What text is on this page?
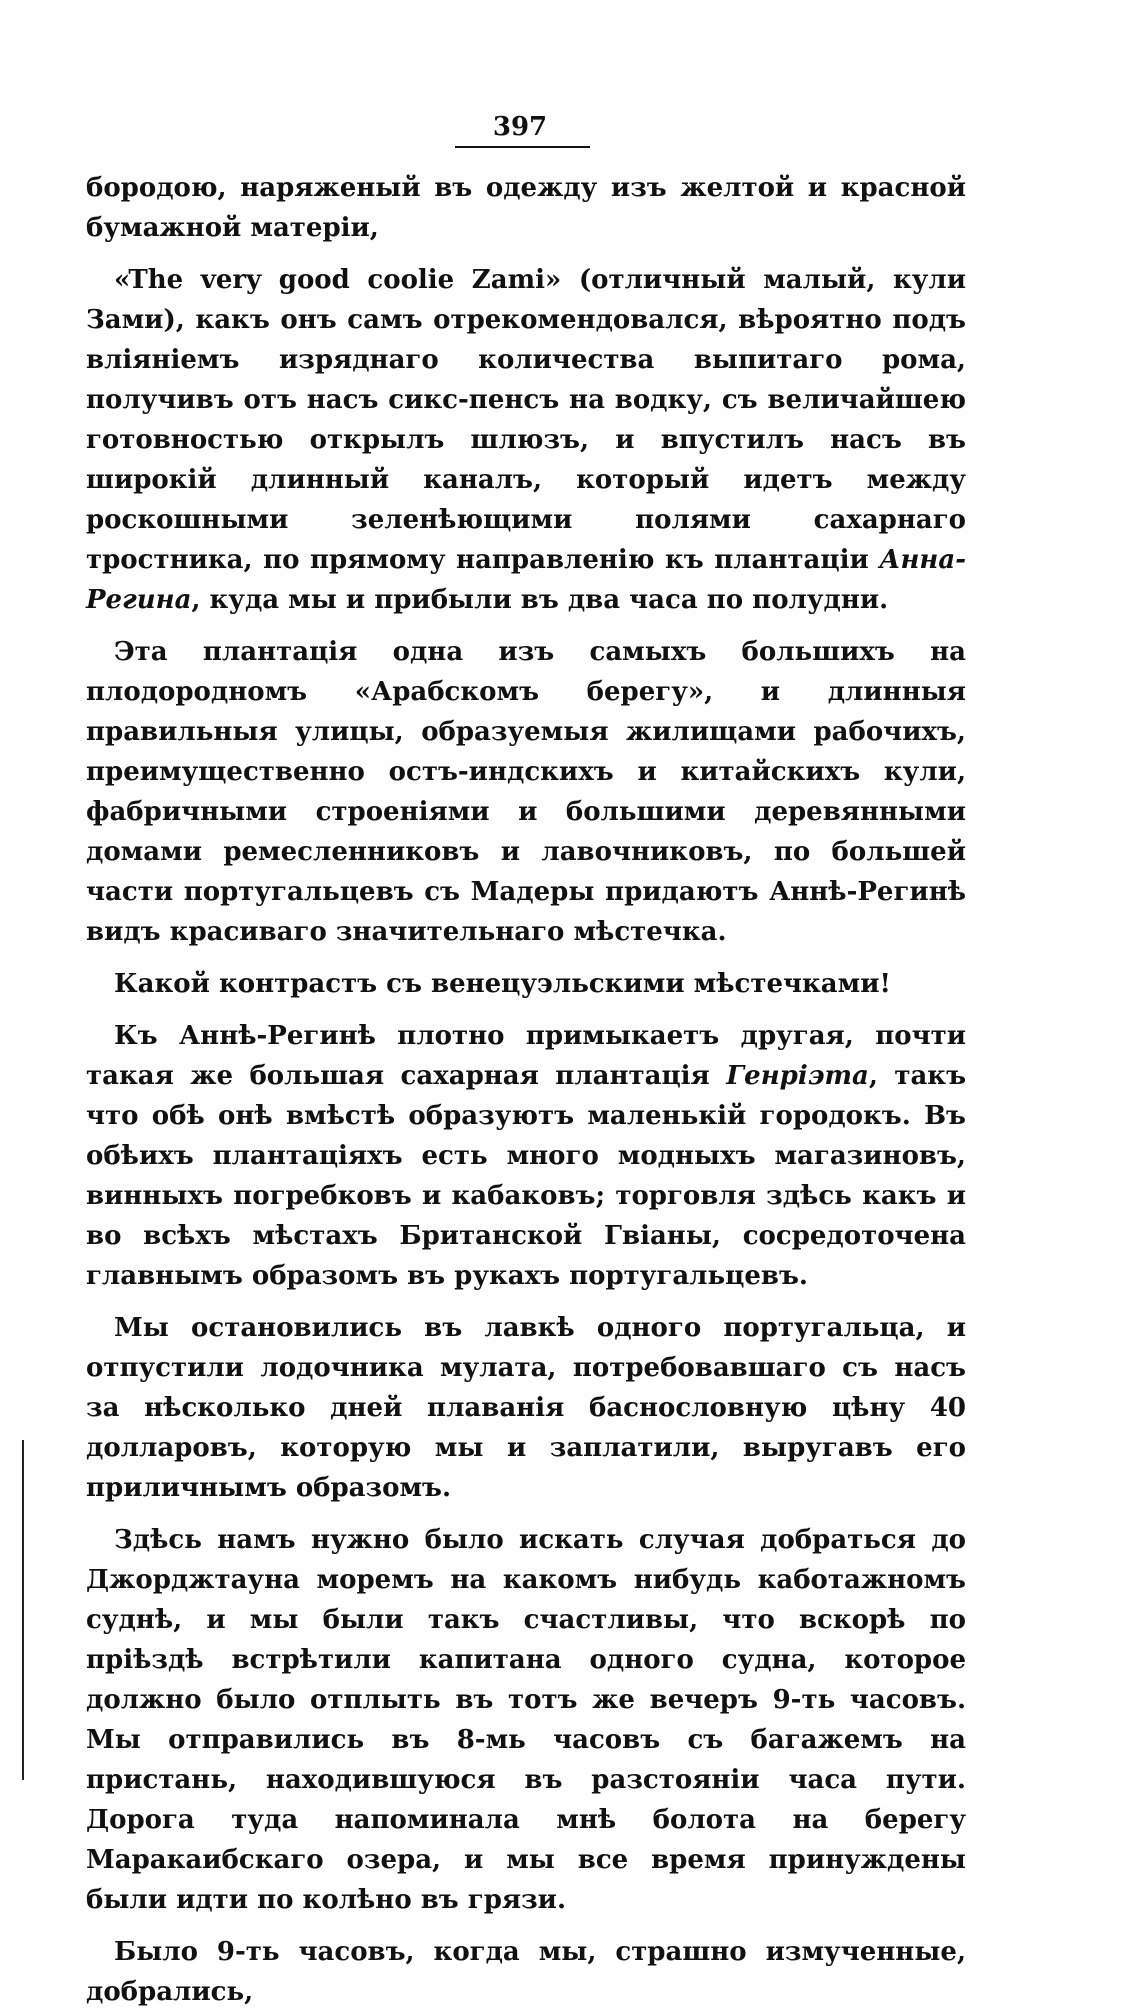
397

бородою, наряженый въ одежду изъ желтой и красной бумажной матеріи,

«The very good coolie Zami» (отличный малый, кули Зами), какъ онъ самъ отрекомендовался, вѣроятно подъ вліяніемъ изряднаго количества выпитаго рома, получивъ отъ насъ сикс-пенсъ на водку, съ величайшею готовностью открылъ шлюзъ, и впустилъ насъ въ широкій длинный каналъ, который идетъ между роскошными зеленѣющими полями сахарнаго тростника, по прямому направленію къ плантаціи Анна-Регина, куда мы и прибыли въ два часа по полудни.

Эта плантація одна изъ самыхъ большихъ на плодородномъ «Арабскомъ берегу», и длинныя правильныя улицы, образуемыя жилищами рабочихъ, преимущественно остъ-индскихъ и китайскихъ кули, фабричными строеніями и большими деревянными домами ремесленниковъ и лавочниковъ, по большей части португальцевъ съ Мадеры придаютъ Аннѣ-Регинѣ видъ красиваго значительнаго мѣстечка.

Какой контрастъ съ венецуэльскими мѣстечками!

Къ Аннѣ-Регинѣ плотно примыкаетъ другая, почти такая же большая сахарная плантація Генріэта, такъ что обѣ онѣ вмѣстѣ образуютъ маленькій городокъ. Въ обѣихъ плантаціяхъ есть много модныхъ магазиновъ, винныхъ погребковъ и кабаковъ; торговля здѣсь какъ и во всѣхъ мѣстахъ Британской Гвіаны, сосредоточена главнымъ образомъ въ рукахъ португальцевъ.

Мы остановились въ лавкѣ одного португальца, и отпустили лодочника мулата, потребовавшаго съ насъ за нѣсколько дней плаванія баснословную цѣну 40 долларовъ, которую мы и заплатили, выругавъ его приличнымъ образомъ.

Здѣсь намъ нужно было искать случая добраться до Джорджтауна моремъ на какомъ нибудь каботажномъ суднѣ, и мы были такъ счастливы, что вскорѣ по пріѣздѣ встрѣтили капитана одного судна, которое должно было отплыть въ тотъ же вечеръ 9-ть часовъ. Мы отправились въ 8-мь часовъ съ багажемъ на пристань, находившуюся въ разстояніи часа пути. Дорога туда напоминала мнѣ болота на берегу Маракаибскаго озера, и мы все время принуждены были идти по колѣно въ грязи.

Было 9-ть часовъ, когда мы, страшно измученные, добрались,
